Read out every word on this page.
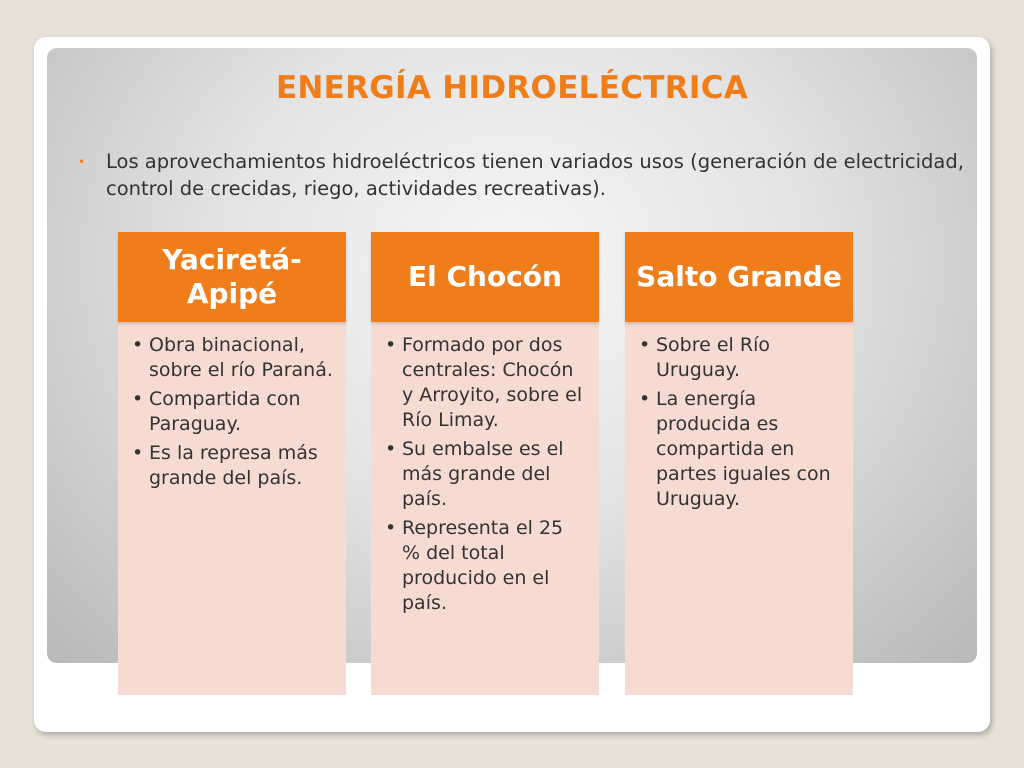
ENERGÍA HIDROELÉCTRICA
•	Los aprovechamientos hidroeléctricos tienen variados usos (generación de electricidad, control de crecidas, riego, actividades recreativas).

Yaciretá-Apipé
• Obra binacional, sobre el río Paraná.
• Compartida con Paraguay.
• Es la represa más grande del país.
El Chocón
• Formado por dos centrales: Chocón y Arroyito, sobre el Río Limay.
• Su embalse es el más grande del país.
• Representa el 25 % del total producido en el país.
Salto Grande
• Sobre el Río Uruguay.
• La energía producida es compartida en partes iguales con Uruguay.
